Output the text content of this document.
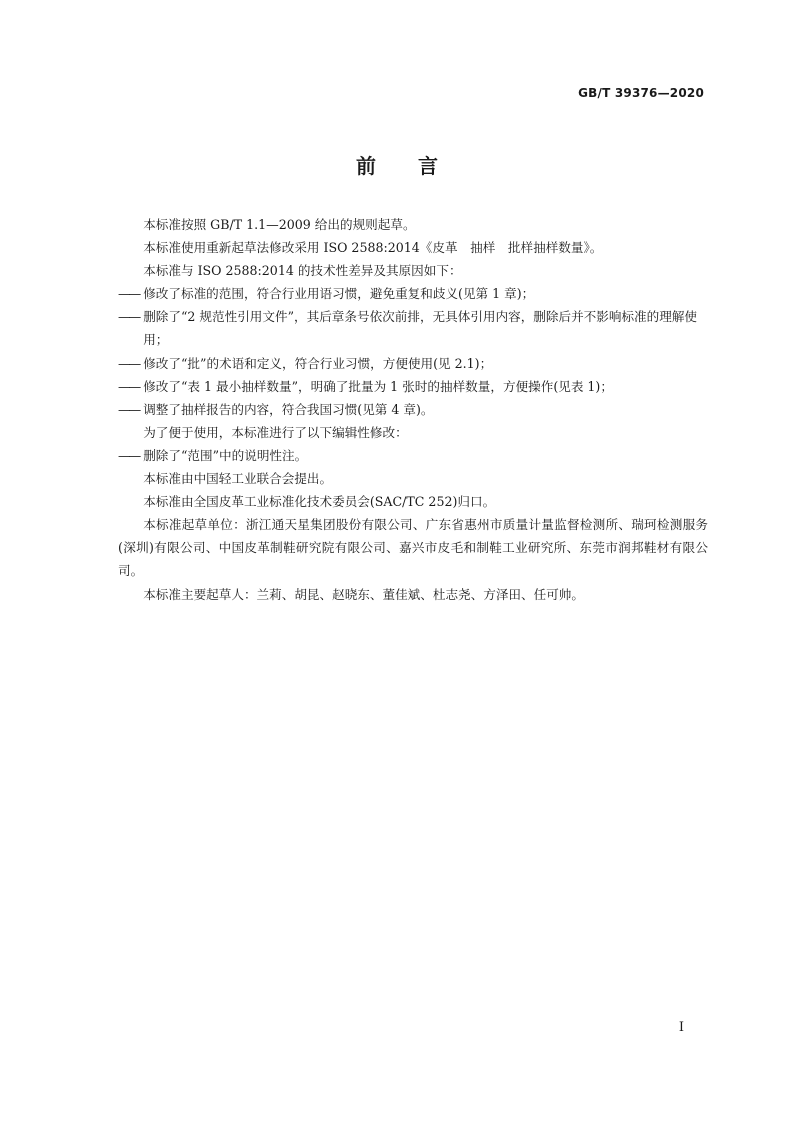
GB/T 39376—2020
前言

本标准按照 GB/T 1.1—2009 给出的规则起草。

本标准使用重新起草法修改采用 ISO 2588:2014《皮革　抽样　批样抽样数量》。

本标准与 ISO 2588:2014 的技术性差异及其原因如下：

—— 修改了标准的范围，符合行业用语习惯，避免重复和歧义(见第 1 章)；
—— 删除了“2 规范性引用文件”，其后章条号依次前排，无具体引用内容，删除后并不影响标准的理解使用；
—— 修改了“批”的术语和定义，符合行业习惯，方便使用(见 2.1)；
—— 修改了“表 1 最小抽样数量”，明确了批量为 1 张时的抽样数量，方便操作(见表 1)；
—— 调整了抽样报告的内容，符合我国习惯(见第 4 章)。

为了便于使用，本标准进行了以下编辑性修改：

—— 删除了“范围”中的说明性注。

本标准由中国轻工业联合会提出。

本标准由全国皮革工业标准化技术委员会(SAC/TC 252)归口。

本标准起草单位：浙江通天星集团股份有限公司、广东省惠州市质量计量监督检测所、瑞珂检测服务(深圳)有限公司、中国皮革制鞋研究院有限公司、嘉兴市皮毛和制鞋工业研究所、东莞市润邦鞋材有限公司。

本标准主要起草人：兰莉、胡昆、赵晓东、董佳斌、杜志尧、方泽田、任可帅。

I
